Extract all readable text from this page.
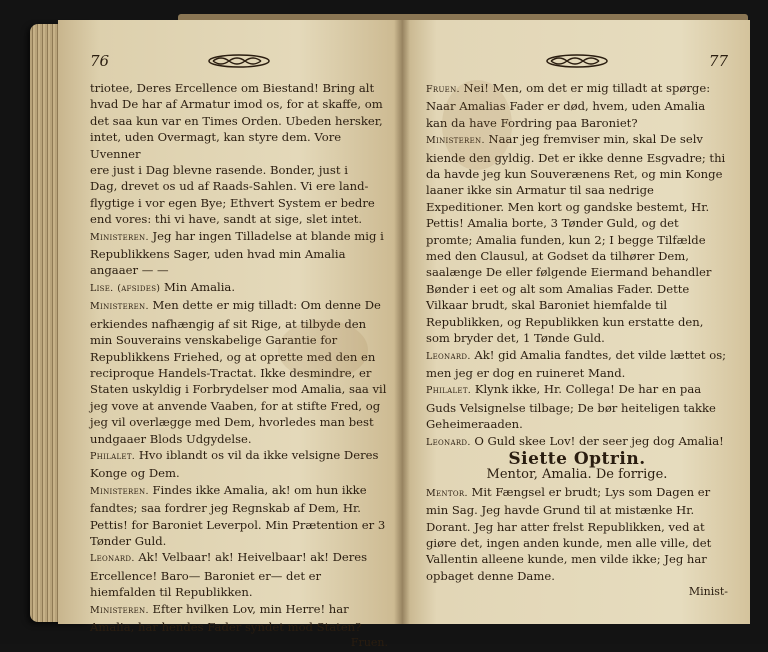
76

triotee, Deres Ercellence om Biestand! Bring alt

hvad De har af Armatur imod os, for at skaffe, om

det saa kun var en Times Orden. Ubeden hersker,

intet, uden Overmagt, kan styre dem. Vore Uvenner

ere just i Dag blevne rasende. Bonder, just i

Dag, drevet os ud af Raads-Sahlen. Vi ere land-

flygtige i vor egen Bye; Ethvert System er bedre

end vores: thi vi have, sandt at sige, slet intet.

Ministeren. Jeg har ingen Tilladelse at blande mig i Republikkens Sager, uden hvad min Amalia angaaer — —

Lise. (afsides) Min Amalia.

Ministeren. Men dette er mig tilladt: Om denne De erkiendes nafhængig af sit Rige, at tilbyde den min Souverains venskabelige Garantie for Republikkens Friehed, og at oprette med den en reciproque Handels-Tractat. Ikke desmindre, er Staten uskyldig i Forbrydelser mod Amalia, saa vil jeg vove at anvende Vaaben, for at stifte Fred, og jeg vil overlægge med Dem, hvorledes man best undgaaer Blods Udgydelse.

Philalet. Hvo iblandt os vil da ikke velsigne Deres Konge og Dem.

Ministeren. Findes ikke Amalia, ak! om hun ikke fandtes; saa fordrer jeg Regnskab af Dem, Hr. Pettis! for Baroniet Leverpol. Min Prætention er 3 Tønder Guld.

Leonard. Ak! Velbaar! ak! Heivelbaar! ak! Deres Ercellence! Baro— Baroniet er— det er hiemfalden til Republikken.

Ministeren. Efter hvilken Lov, min Herre! har Amalia, har hendes Fader syndet mod Staten?

Fruen.

77

Fruen. Nei! Men, om det er mig tilladt at spørge: Naar Amalias Fader er død, hvem, uden Amalia kan da have Fordring paa Baroniet?

Ministeren. Naar jeg fremviser min, skal De selv kiende den gyldig. Det er ikke denne Esgvadre; thi da havde jeg kun Souverænens Ret, og min Konge laaner ikke sin Armatur til saa nedrige Expeditioner. Men kort og gandske bestemt, Hr. Pettis! Amalia borte, 3 Tønder Guld, og det promte; Amalia funden, kun 2; I begge Tilfælde med den Clausul, at Godset da tilhører Dem, saalænge De eller følgende Eiermand behandler Bønder i eet og alt som Amalias Fader. Dette Vilkaar brudt, skal Baroniet hiemfalde til Republikken, og Republikken kun erstatte den, som bryder det, 1 Tønde Guld.

Leonard. Ak! gid Amalia fandtes, det vilde lættet os; men jeg er dog en ruineret Mand.

Philalet. Klynk ikke, Hr. Collega! De har en paa Guds Velsignelse tilbage; De bør heiteligen takke Geheimeraaden.

Leonard. O Guld skee Lov! der seer jeg dog Amalia!

Siette Optrin.

Mentor, Amalia. De forrige.

Mentor. Mit Fængsel er brudt; Lys som Dagen er min Sag. Jeg havde Grund til at mistænke Hr. Dorant. Jeg har atter frelst Republikken, ved at giøre det, ingen anden kunde, men alle ville, det Vallentin alleene kunde, men vilde ikke; Jeg har opbaget denne Dame.

Minist-
